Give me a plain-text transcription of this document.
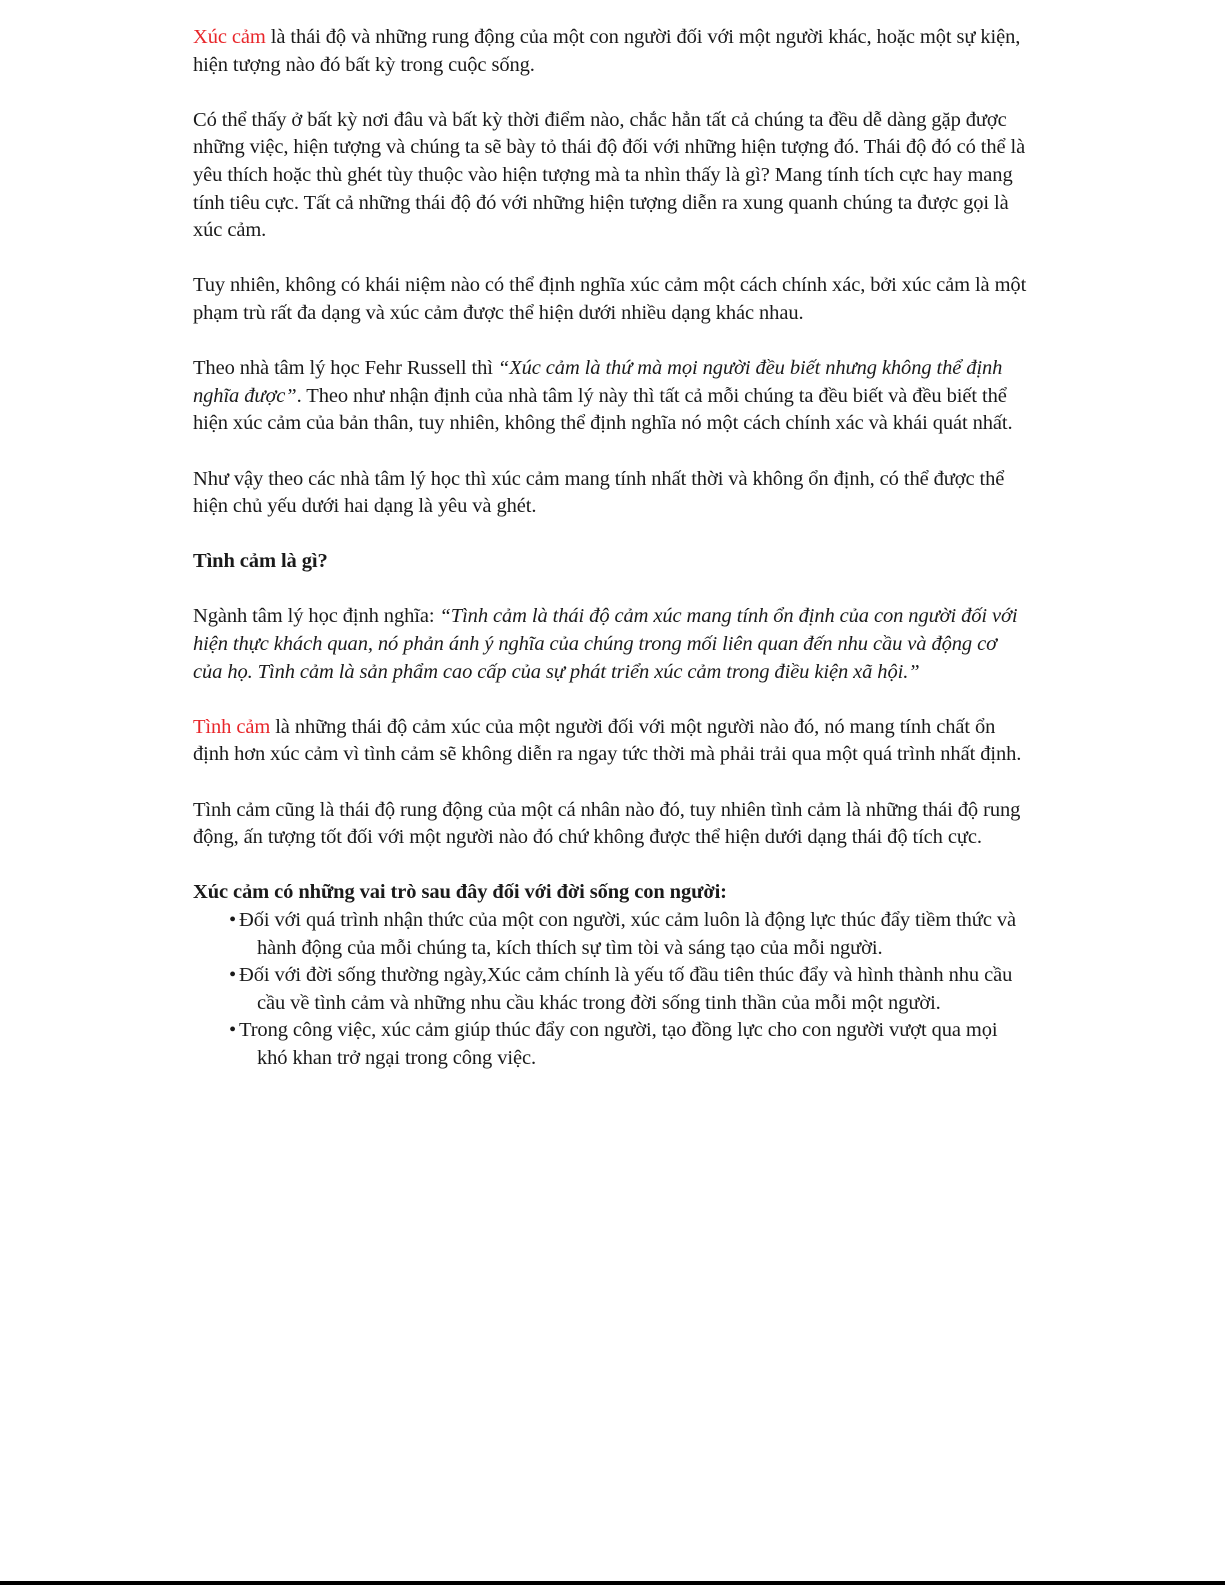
Xúc cảm là thái độ và những rung động của một con người đối với một người khác, hoặc một sự kiện, hiện tượng nào đó bất kỳ trong cuộc sống.

Có thể thấy ở bất kỳ nơi đâu và bất kỳ thời điểm nào, chắc hẳn tất cả chúng ta đều dễ dàng gặp được những việc, hiện tượng và chúng ta sẽ bày tỏ thái độ đối với những hiện tượng đó. Thái độ đó có thể là yêu thích hoặc thù ghét tùy thuộc vào hiện tượng mà ta nhìn thấy là gì? Mang tính tích cực hay mang tính tiêu cực. Tất cả những thái độ đó với những hiện tượng diễn ra xung quanh chúng ta được gọi là xúc cảm.

Tuy nhiên, không có khái niệm nào có thể định nghĩa xúc cảm một cách chính xác, bởi xúc cảm là một phạm trù rất đa dạng và xúc cảm được thể hiện dưới nhiều dạng khác nhau.

Theo nhà tâm lý học Fehr Russell thì “Xúc cảm là thứ mà mọi người đều biết nhưng không thể định nghĩa được”. Theo như nhận định của nhà tâm lý này thì tất cả mỗi chúng ta đều biết và đều biết thể hiện xúc cảm của bản thân, tuy nhiên, không thể định nghĩa nó một cách chính xác và khái quát nhất.

Như vậy theo các nhà tâm lý học thì xúc cảm mang tính nhất thời và không ổn định, có thể được thể hiện chủ yếu dưới hai dạng là yêu và ghét.

Tình cảm là gì?

Ngành tâm lý học định nghĩa: “Tình cảm là thái độ cảm xúc mang tính ổn định của con người đối với hiện thực khách quan, nó phản ánh ý nghĩa của chúng trong mối liên quan đến nhu cầu và động cơ của họ. Tình cảm là sản phẩm cao cấp của sự phát triển xúc cảm trong điều kiện xã hội.”

Tình cảm là những thái độ cảm xúc của một người đối với một người nào đó, nó mang tính chất ổn định hơn xúc cảm vì tình cảm sẽ không diễn ra ngay tức thời mà phải trải qua một quá trình nhất định.

Tình cảm cũng là thái độ rung động của một cá nhân nào đó, tuy nhiên tình cảm là những thái độ rung động, ấn tượng tốt đối với một người nào đó chứ không được thể hiện dưới dạng thái độ tích cực.

Xúc cảm có những vai trò sau đây đối với đời sống con người:
• Đối với quá trình nhận thức của một con người, xúc cảm luôn là động lực thúc đẩy tiềm thức và hành động của mỗi chúng ta, kích thích sự tìm tòi và sáng tạo của mỗi người.
• Đối với đời sống thường ngày,Xúc cảm chính là yếu tố đầu tiên thúc đẩy và hình thành nhu cầu cầu về tình cảm và những nhu cầu khác trong đời sống tinh thần của mỗi một người.
• Trong công việc, xúc cảm giúp thúc đẩy con người, tạo đồng lực cho con người vượt qua mọi khó khan trở ngại trong công việc.
